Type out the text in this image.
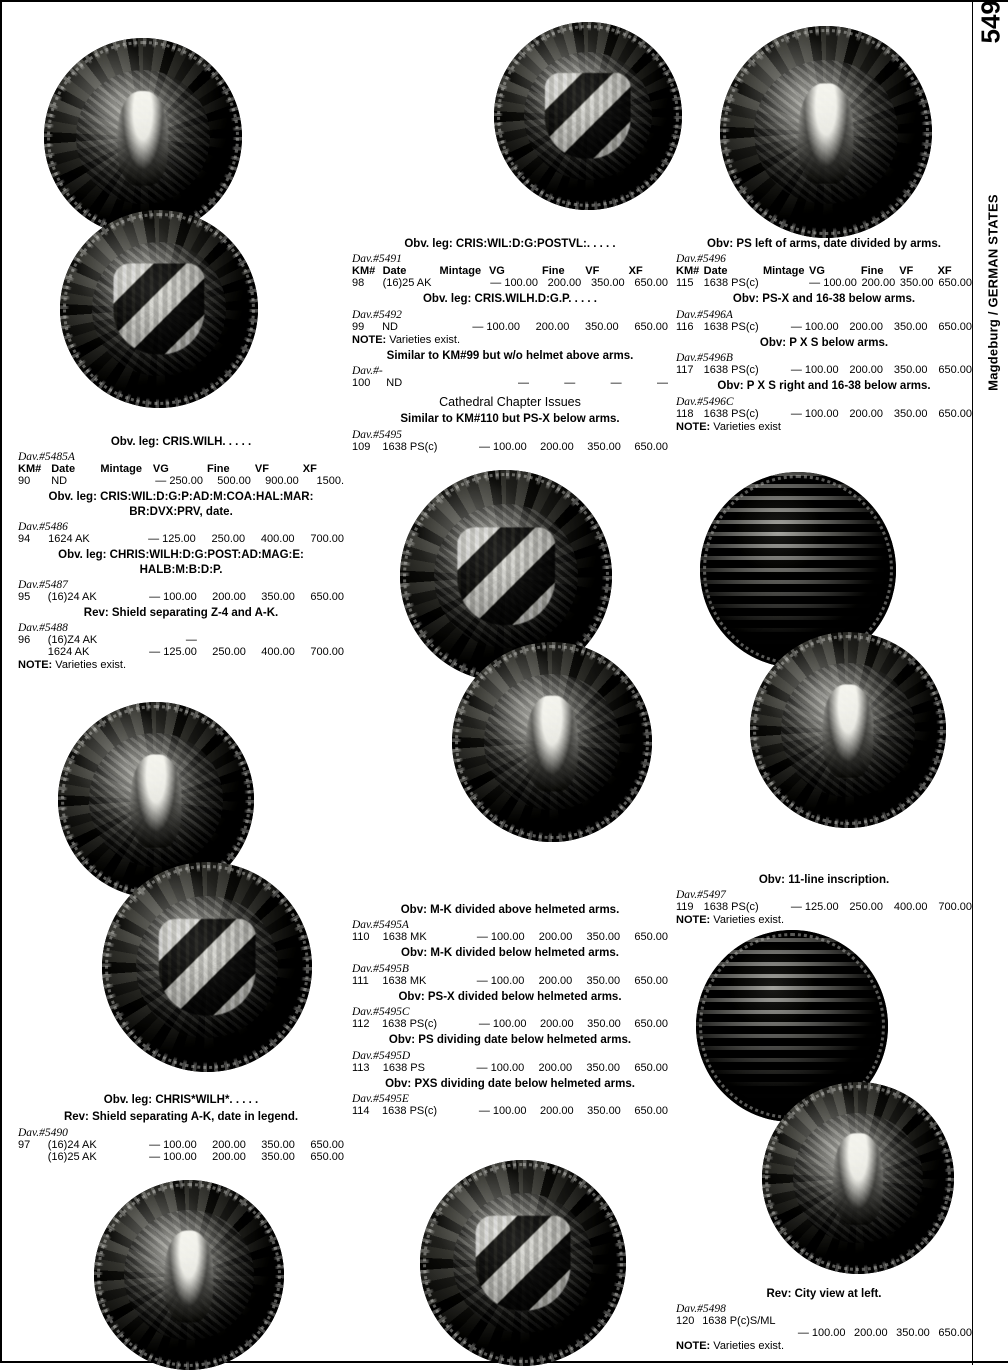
549
Magdeburg / GERMAN STATES
Obv. leg: CRIS.WILH. . . . .
Dav.#5485A
KM#	Date	Mintage	VG	Fine	VF	XF
90	ND		— 250.00	500.00	900.00	1500.
Obv. leg: CRIS:WIL:D:G:P:AD:M:COA:HAL:MAR: BR:DVX:PRV, date.
Dav.#5486
94	1624 AK		— 125.00	250.00	400.00	700.00
Obv. leg: CHRIS:WILH:D:G:POST:AD:MAG:E: HALB:M:B:D:P.
Dav.#5487
95	(16)24 AK		— 100.00	200.00	350.00	650.00
Rev: Shield separating Z-4 and A-K.
Dav.#5488
96	(16)Z4 AK		—			
	1624 AK		— 125.00	250.00	400.00	700.00
NOTE: Varieties exist.
Obv. leg: CHRIS*WILH*. . . . .
Rev: Shield separating A-K, date in legend.
Dav.#5490
97	(16)24 AK		— 100.00	200.00	350.00	650.00
	(16)25 AK		— 100.00	200.00	350.00	650.00
Obv. leg: CRIS:WIL:D:G:POSTVL:. . . . .
Dav.#5491
KM#	Date	Mintage	VG	Fine	VF	XF
98	(16)25 AK		— 100.00	200.00	350.00	650.00
Obv. leg: CRIS.WILH.D:G.P. . . . .
Dav.#5492
99	ND		— 100.00	200.00	350.00	650.00
NOTE: Varieties exist.
Similar to KM#99 but w/o helmet above arms.
Dav.#-
100	ND		—	—	—	—
Cathedral Chapter Issues
Similar to KM#110 but PS-X below arms.
Dav.#5495
109	1638 PS(c)		— 100.00	200.00	350.00	650.00
Obv: M-K divided above helmeted arms.
Dav.#5495A
110	1638 MK		— 100.00	200.00	350.00	650.00
Obv: M-K divided below helmeted arms.
Dav.#5495B
111	1638 MK		— 100.00	200.00	350.00	650.00
Obv: PS-X divided below helmeted arms.
Dav.#5495C
112	1638 PS(c)		— 100.00	200.00	350.00	650.00
Obv: PS dividing date below helmeted arms.
Dav.#5495D
113	1638 PS		— 100.00	200.00	350.00	650.00
Obv: PXS dividing date below helmeted arms.
Dav.#5495E
114	1638 PS(c)		— 100.00	200.00	350.00	650.00
Obv: PS left of arms, date divided by arms.
Dav.#5496
KM#	Date	Mintage	VG	Fine	VF	XF
115	1638 PS(c)		— 100.00	200.00	350.00	650.00
Obv: PS-X and 16-38 below arms.
Dav.#5496A
116	1638 PS(c)		— 100.00	200.00	350.00	650.00
Obv: P X S below arms.
Dav.#5496B
117	1638 PS(c)		— 100.00	200.00	350.00	650.00
Obv: P X S right and 16-38 below arms.
Dav.#5496C
118	1638 PS(c)		— 100.00	200.00	350.00	650.00
NOTE: Varieties exist
Obv: 11-line inscription.
Dav.#5497
119	1638 PS(c)		— 125.00	250.00	400.00	700.00
NOTE: Varieties exist.
Rev: City view at left.
Dav.#5498
120	1638 P(c)S/ML					
			— 100.00	200.00	350.00	650.00
NOTE: Varieties exist.
